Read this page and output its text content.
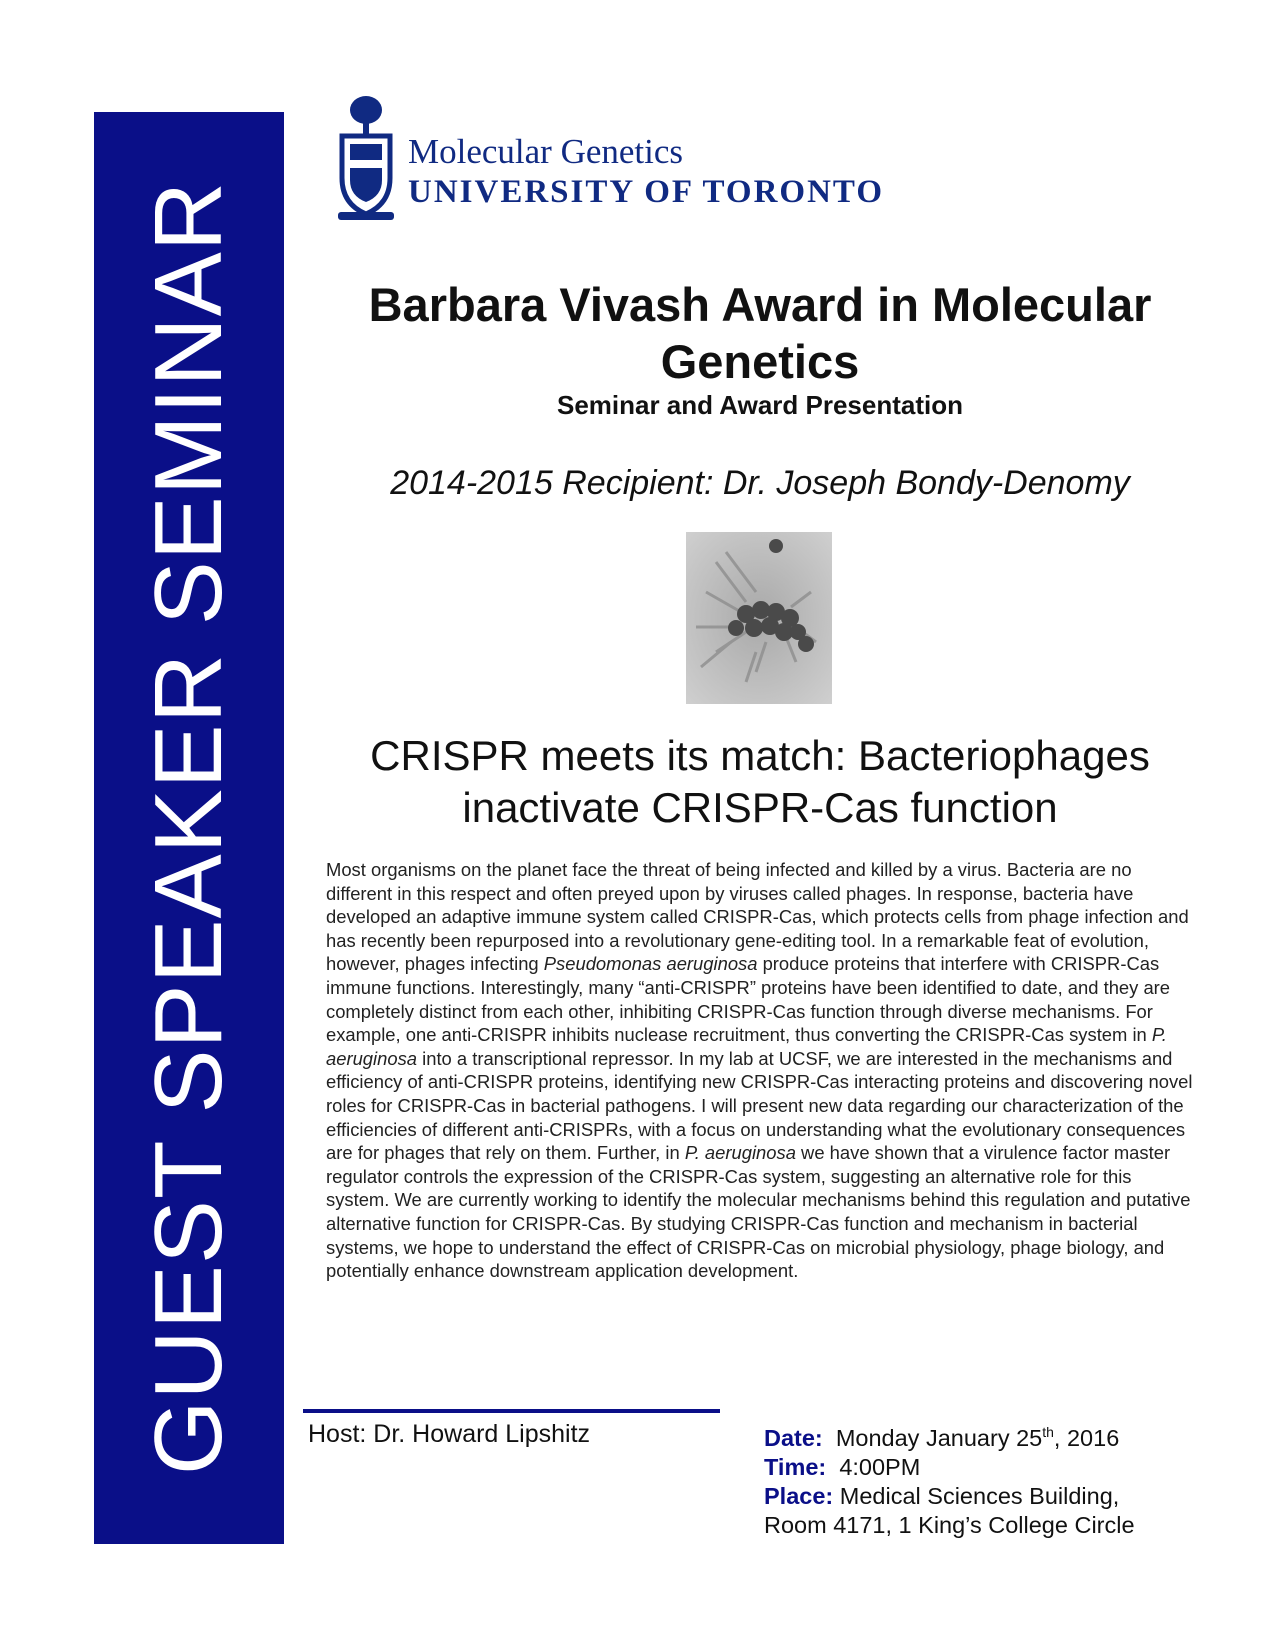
GUEST SPEAKER SEMINAR
Molecular Genetics
UNIVERSITY OF TORONTO
Barbara Vivash Award in Molecular Genetics
Seminar and Award Presentation
2014-2015 Recipient: Dr. Joseph Bondy-Denomy
CRISPR meets its match: Bacteriophages inactivate CRISPR-Cas function
Most organisms on the planet face the threat of being infected and killed by a virus. Bacteria are no different in this respect and often preyed upon by viruses called phages. In response, bacteria have developed an adaptive immune system called CRISPR-Cas, which protects cells from phage infection and has recently been repurposed into a revolutionary gene-editing tool. In a remarkable feat of evolution, however, phages infecting Pseudomonas aeruginosa produce proteins that interfere with CRISPR-Cas immune functions. Interestingly, many “anti-CRISPR” proteins have been identified to date, and they are completely distinct from each other, inhibiting CRISPR-Cas function through diverse mechanisms. For example, one anti-CRISPR inhibits nuclease recruitment, thus converting the CRISPR-Cas system in P. aeruginosa into a transcriptional repressor. In my lab at UCSF, we are interested in the mechanisms and efficiency of anti-CRISPR proteins, identifying new CRISPR-Cas interacting proteins and discovering novel roles for CRISPR-Cas in bacterial pathogens. I will present new data regarding our characterization of the efficiencies of different anti-CRISPRs, with a focus on understanding what the evolutionary consequences are for phages that rely on them. Further, in P. aeruginosa we have shown that a virulence factor master regulator controls the expression of the CRISPR-Cas system, suggesting an alternative role for this system. We are currently working to identify the molecular mechanisms behind this regulation and putative alternative function for CRISPR-Cas. By studying CRISPR-Cas function and mechanism in bacterial systems, we hope to understand the effect of CRISPR-Cas on microbial physiology, phage biology, and potentially enhance downstream application development.
Host: Dr. Howard Lipshitz	Date: Monday January 25th, 2016
Time: 4:00PM
Place: Medical Sciences Building,
Room 4171, 1 King’s College Circle
